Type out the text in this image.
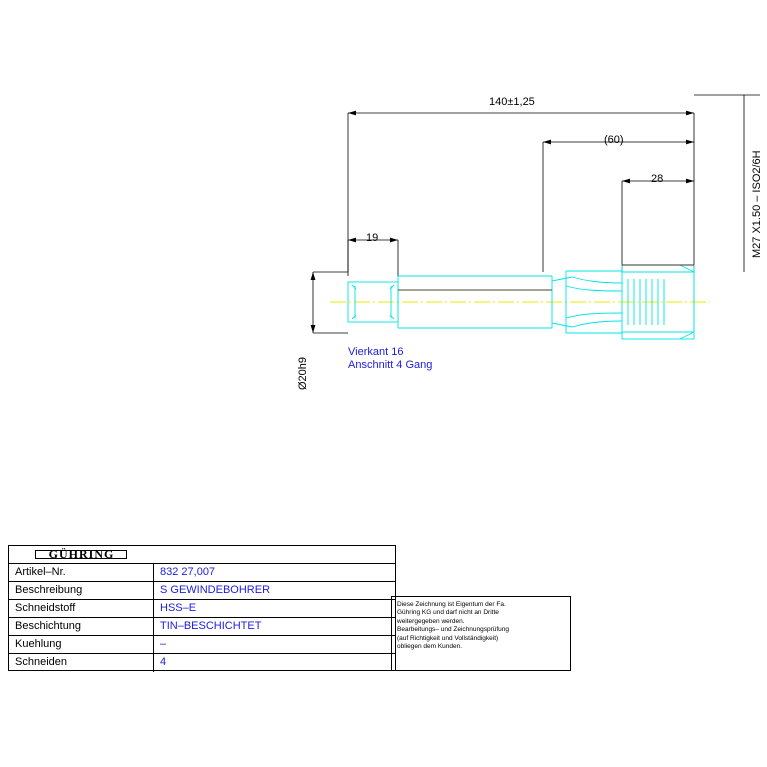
140±1,25
(60)
28
19
Ø20h9
M27 X1.50 – ISO2/6H
Vierkant 16
Anschnitt 4 Gang
GÜHRING
Artikel–Nr.	832 27,007
Beschreibung	S GEWINDEBOHRER
Schneidstoff	HSS–E
Beschichtung	TIN–BESCHICHTET
Kuehlung	–
Schneiden	4
Diese Zeichnung ist Eigentum der Fa.
Gühring KG und darf nicht an Dritte
weitergegeben werden.
Bearbeitungs– und Zeichnungsprüfung
(auf Richtigkeit und Vollständigkeit)
obliegen dem Kunden.
